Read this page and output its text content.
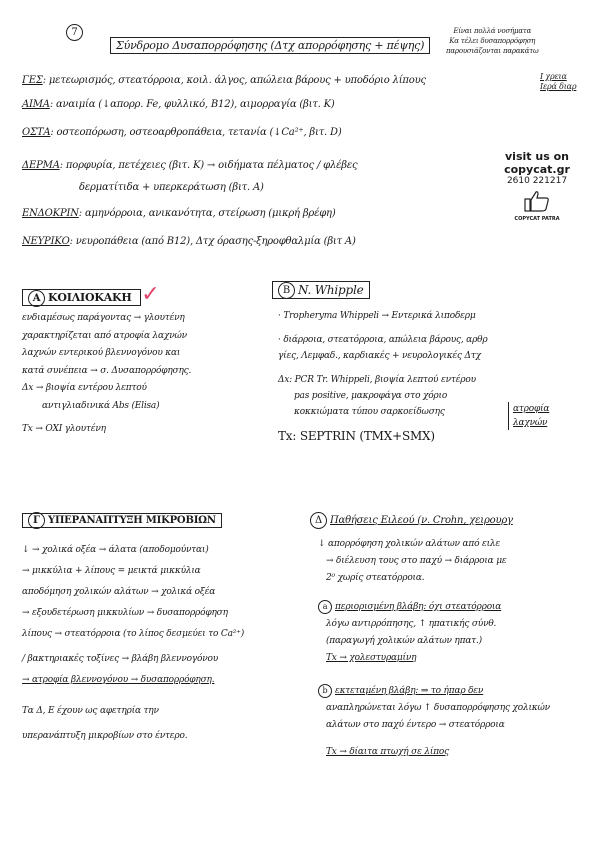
7
Σύνδρομο Δυσαπορρόφησης (Δτχ απορρόφησης + πέψης)
Είναι πολλά νοσήματα
Κα τέλει δυσαπορρόφηση
παρουσιάζονται παρακάτω
Ι χρεια
Ιερά διαρ
ΓΕΣ: μετεωρισμός, στεατόρροια, κοιλ. άλγος, απώλεια βάρους + υποδόριο λίπους
ΑΙΜΑ: αναιμία (↓απορρ. Fe, φυλλικό, B12), αιμορραγία (βιτ. K)
ΟΣΤΑ: οστεοπόρωση, οστεοαρθροπάθεια, τετανία (↓Ca²⁺, βιτ. D)
ΔΕΡΜΑ: πορφυρία, πετέχειες (βιτ. K) → οιδήματα πέλματος / φλέβες
δερματίτιδα + υπερκεράτωση (βιτ. A)
ΕΝΔΟΚΡΙΝ: αμηνόρροια, ανικανότητα, στείρωση (μικρή βρέφη)
ΝΕΥΡΙΚΟ: νευροπάθεια (από B12), Δτχ όρασης-ξηροφθαλμία (βιτ A)
visit us on
copycat.gr
2610 221217
COPYCAT PATRA
A ΚΟΙΛΙΟΚΑΚΗ ✓
ενδιαμέσως παράγοντας → γλουτένη
χαρακτηρίζεται από ατροφία λαχνών
λαχνών εντερικού βλεννογόνου και
κατά συνέπεια → σ. Δυσαπορρόφησης.
Δx → βιοψία εντέρου λεπτού
αντιγλιαδινικά Abs (Elisa)
Tx → ΟΧΙ γλουτένη
B N. Whipple
· Tropheryma Whippeli → Εντερικά λιποδερμ
· διάρροια, στεατόρροια, απώλεια βάρους, αρθρ
γίες, Λεμφαδ., καρδιακές + νευρολογικές Δτχ
Δx: PCR Tr. Whippeli, βιοψία λεπτού εντέρου
pas positive, μακροφάγα στο χόριο
κοκκιώματα τύπου σαρκοείδωσης
Tx: SEPTRIN (TMX+SMX)
ατροφία
λαχνών
Γ ΥΠΕΡΑΝΑΠΤΥΞΗ ΜΙΚΡΟΒΙΩΝ
↓ → χολικά οξέα → άλατα (αποδομούνται)
→ μικκύλια + λίπους = μεικτά μικκύλια
αποδόμηση χολικών αλάτων → χολικά οξέα
→ εξουδετέρωση μικκυλίων → δυσαπορρόφηση
λίπους → στεατόρροια (το λίπος δεσμεύει το Ca²⁺)
/ βακτηριακές τοξίνες → βλάβη βλεννογόνου
→ ατροφία βλεννογόνου → δυσαπορρόφηση.
Τα Δ, Ε έχουν ως αφετηρία την
υπερανάπτυξη μικροβίων στο έντερο.
Δ Παθήσεις Ειλεού (ν. Crohn, χειρουργ
↓ απορρόφηση χολικών αλάτων από ειλε
→ διέλευση τους στο παχύ → διάρροια με
2⁰ χωρίς στεατόρροια.
a περιορισμένη βλάβη: όχι στεατόρροια
λόγω αντιρρόπησης, ↑ ηπατικής σύνθ.
(παραγωγή χολικών αλάτων ηπατ.)
Tx → χολεστυραμίνη
b εκτεταμένη βλάβη: ⇒ το ήπαρ δεν
αναπληρώνεται λόγω ↑ δυσαπορρόφησης χολικών
αλάτων στο παχύ έντερο → στεατόρροια
Tx → δίαιτα πτωχή σε λίπος
